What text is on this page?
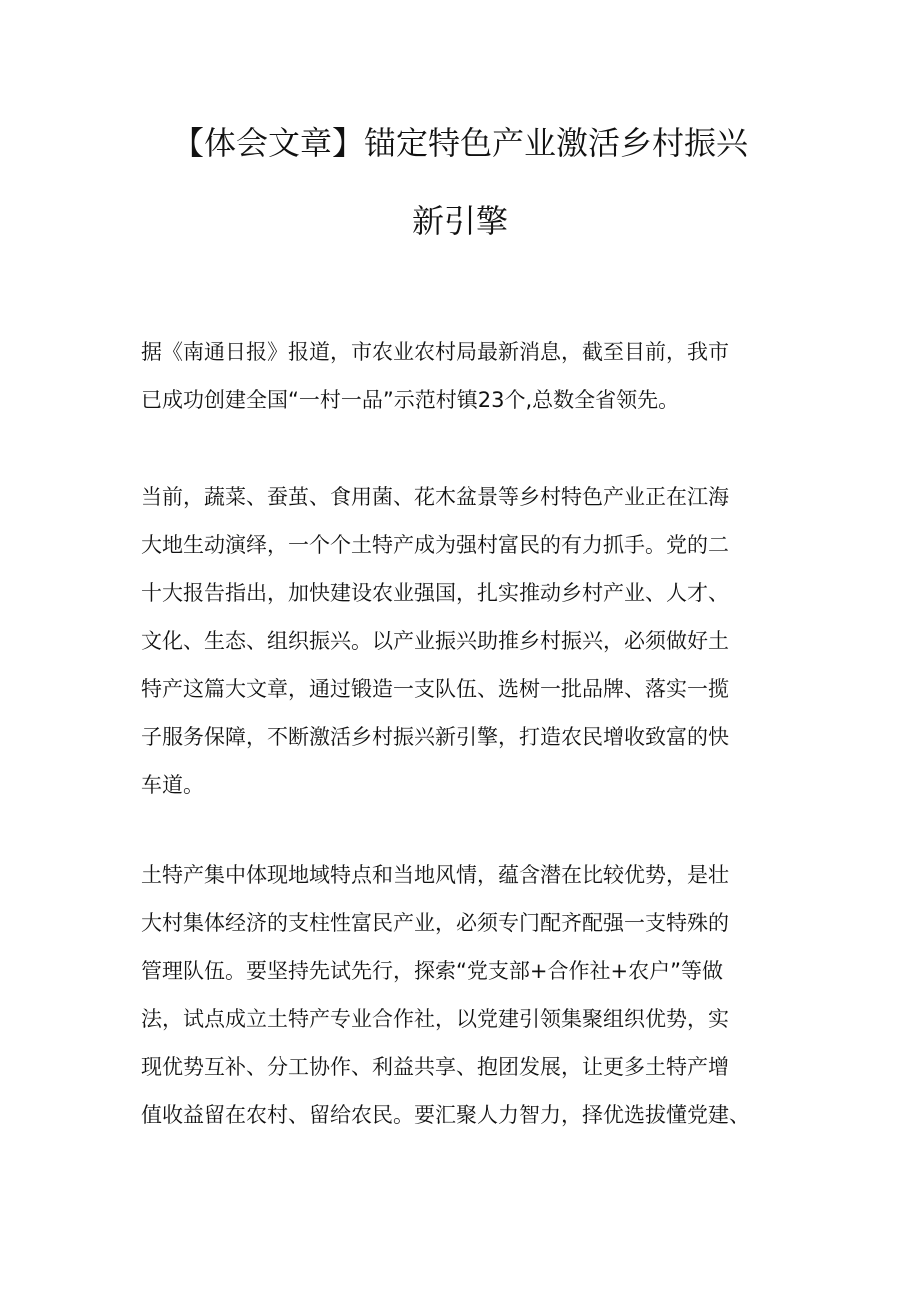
【体会文章】锚定特色产业激活乡村振兴
新引擎
据《南通日报》报道，市农业农村局最新消息，截至目前，我市
已成功创建全国“一村一品”示范村镇23个,总数全省领先。
当前，蔬菜、蚕茧、食用菌、花木盆景等乡村特色产业正在江海
大地生动演绎，一个个土特产成为强村富民的有力抓手。党的二
十大报告指出，加快建设农业强国，扎实推动乡村产业、人才、
文化、生态、组织振兴。以产业振兴助推乡村振兴，必须做好土
特产这篇大文章，通过锻造一支队伍、选树一批品牌、落实一揽
子服务保障，不断激活乡村振兴新引擎，打造农民增收致富的快
车道。
土特产集中体现地域特点和当地风情，蕴含潜在比较优势，是壮
大村集体经济的支柱性富民产业，必须专门配齐配强一支特殊的
管理队伍。要坚持先试先行，探索“党支部+合作社+农户”等做
法，试点成立土特产专业合作社，以党建引领集聚组织优势，实
现优势互补、分工协作、利益共享、抱团发展，让更多土特产增
值收益留在农村、留给农民。要汇聚人力智力，择优选拔懂党建、
